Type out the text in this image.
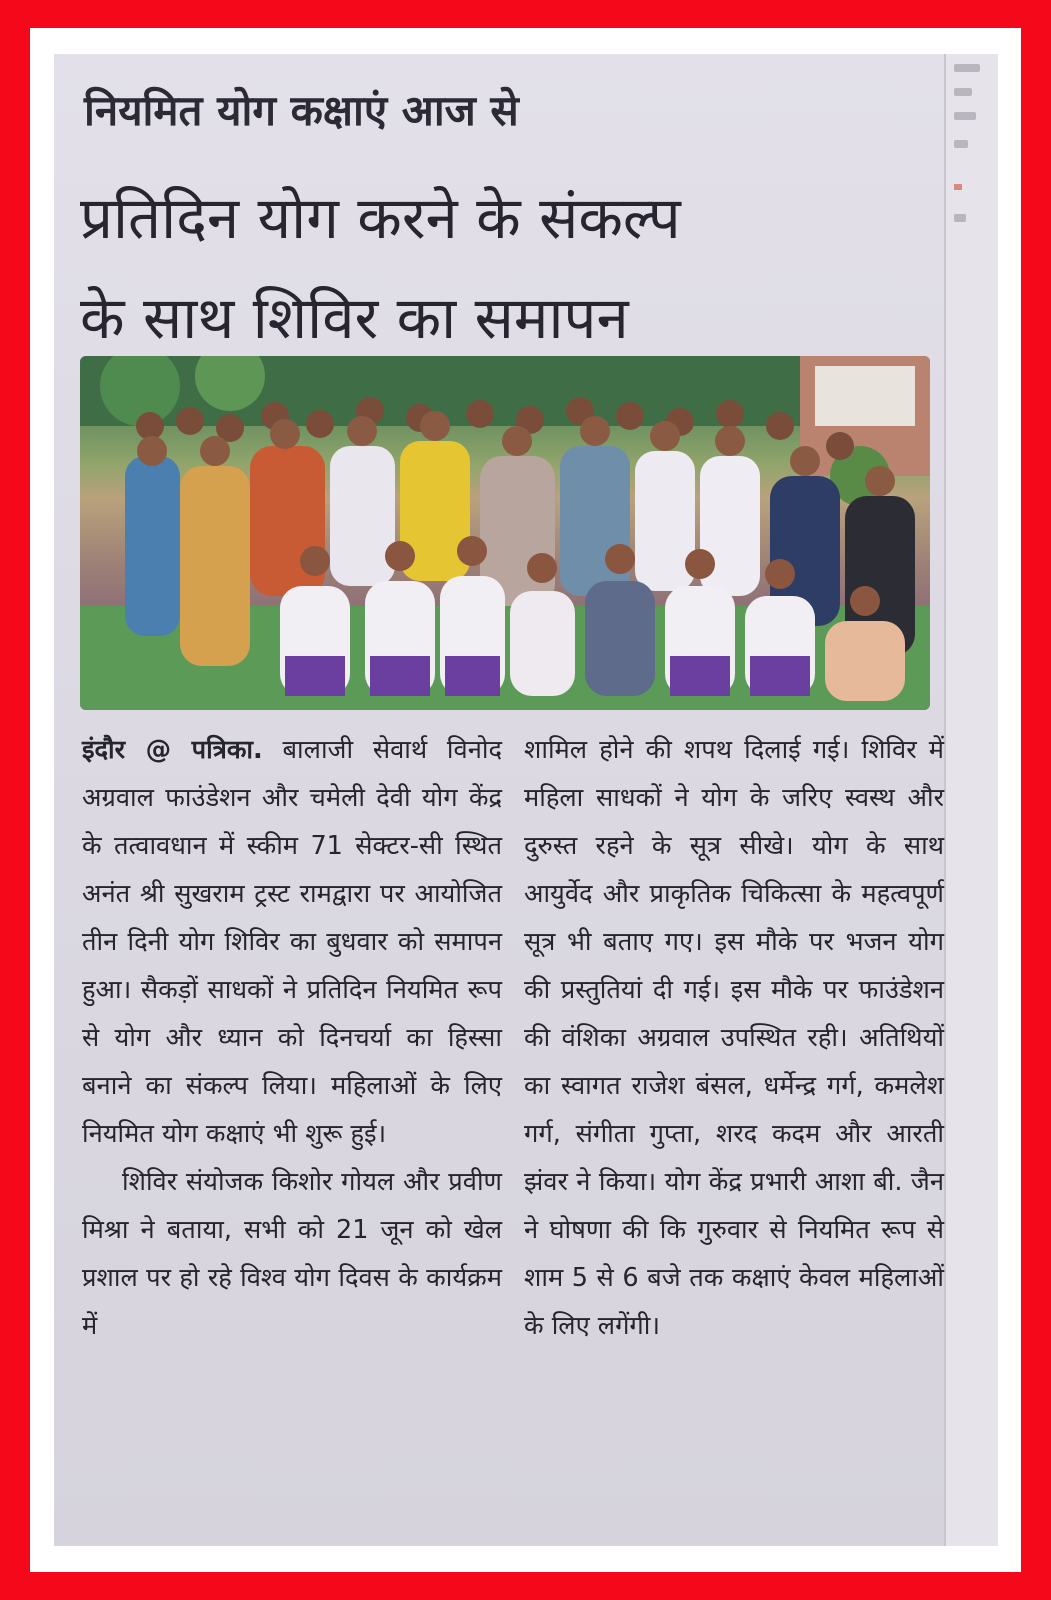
नियमित योग कक्षाएं आज से
प्रतिदिन योग करने के संकल्प
के साथ शिविर का समापन

इंदौर @ पत्रिका. बालाजी सेवार्थ विनोद अग्रवाल फाउंडेशन और चमेली देवी योग केंद्र के तत्वावधान में स्कीम 71 सेक्टर-सी स्थित अनंत श्री सुखराम ट्रस्ट रामद्वारा पर आयोजित तीन दिनी योग शिविर का बुधवार को समापन हुआ। सैकड़ों साधकों ने प्रतिदिन नियमित रूप से योग और ध्यान को दिनचर्या का हिस्सा बनाने का संकल्प लिया। महिलाओं के लिए नियमित योग कक्षाएं भी शुरू हुई।

शिविर संयोजक किशोर गोयल और प्रवीण मिश्रा ने बताया, सभी को 21 जून को खेल प्रशाल पर हो रहे विश्व योग दिवस के कार्यक्रम में

शामिल होने की शपथ दिलाई गई। शिविर में महिला साधकों ने योग के जरिए स्वस्थ और दुरुस्त रहने के सूत्र सीखे। योग के साथ आयुर्वेद और प्राकृतिक चिकित्सा के महत्वपूर्ण सूत्र भी बताए गए। इस मौके पर भजन योग की प्रस्तुतियां दी गई। इस मौके पर फाउंडेशन की वंशिका अग्रवाल उपस्थित रही। अतिथियों का स्वागत राजेश बंसल, धर्मेन्द्र गर्ग, कमलेश गर्ग, संगीता गुप्ता, शरद कदम और आरती झंवर ने किया। योग केंद्र प्रभारी आशा बी. जैन ने घोषणा की कि गुरुवार से नियमित रूप से शाम 5 से 6 बजे तक कक्षाएं केवल महिलाओं के लिए लगेंगी।
